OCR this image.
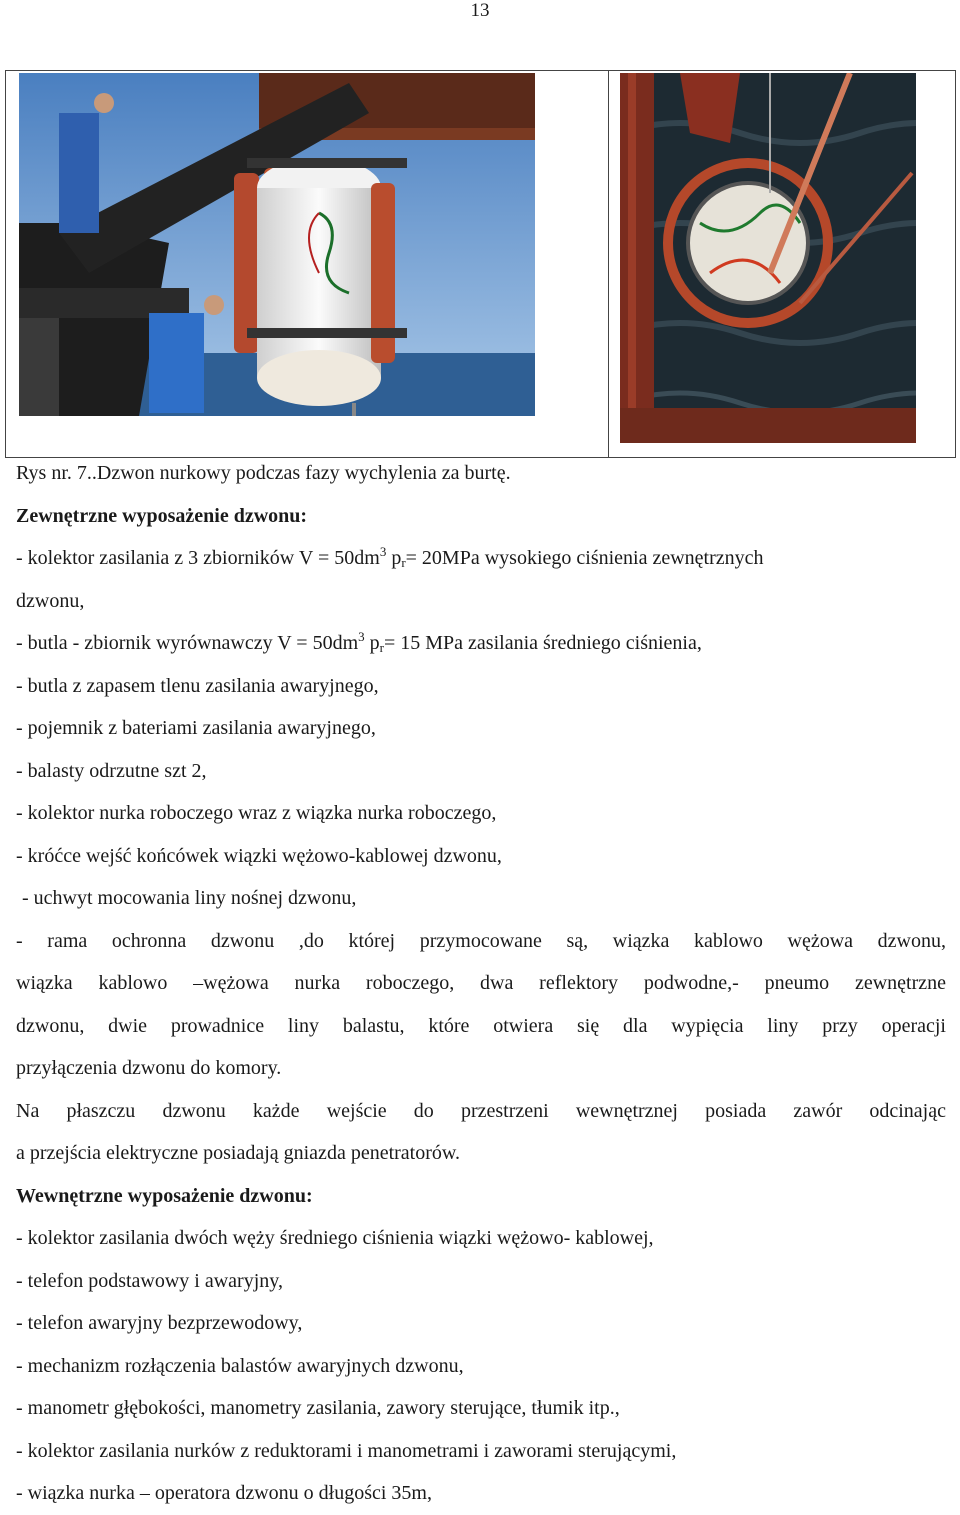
13
Rys nr. 7..Dzwon nurkowy podczas fazy wychylenia za burtę.
Zewnętrzne wyposażenie dzwonu:
- kolektor zasilania z 3 zbiorników $V = 50dm^3$ $p_r= 20MPa$ wysokiego ciśnienia zewnętrznych
dzwonu,
- butla - zbiornik wyrównawczy $V = 50dm^3$ $p_r= 15$ MPa zasilania średniego ciśnienia,
- butla z zapasem tlenu zasilania awaryjnego,
- pojemnik z bateriami zasilania awaryjnego,
- balasty odrzutne szt 2,
- kolektor nurka roboczego wraz z wiązka nurka roboczego,
- króćce wejść końcówek wiązki wężowo-kablowej dzwonu,
- uchwyt mocowania liny nośnej dzwonu,
- rama ochronna dzwonu ,do której przymocowane są, wiązka kablowo wężowa dzwonu,
wiązka kablowo –wężowa nurka roboczego, dwa reflektory podwodne,- pneumo zewnętrzne
dzwonu, dwie prowadnice liny balastu, które otwiera się dla wypięcia liny przy operacji
przyłączenia dzwonu do komory.
Na płaszczu dzwonu każde wejście do przestrzeni wewnętrznej posiada zawór odcinając
a przejścia elektryczne posiadają gniazda penetratorów.
Wewnętrzne wyposażenie dzwonu:
- kolektor zasilania dwóch węży średniego ciśnienia wiązki wężowo- kablowej,
- telefon podstawowy i awaryjny,
- telefon awaryjny bezprzewodowy,
- mechanizm rozłączenia balastów awaryjnych dzwonu,
- manometr głębokości, manometry zasilania, zawory sterujące, tłumik itp.,
- kolektor zasilania nurków z reduktorami i manometrami i zaworami sterującymi,
- wiązka nurka – operatora dzwonu o długości 35m,
